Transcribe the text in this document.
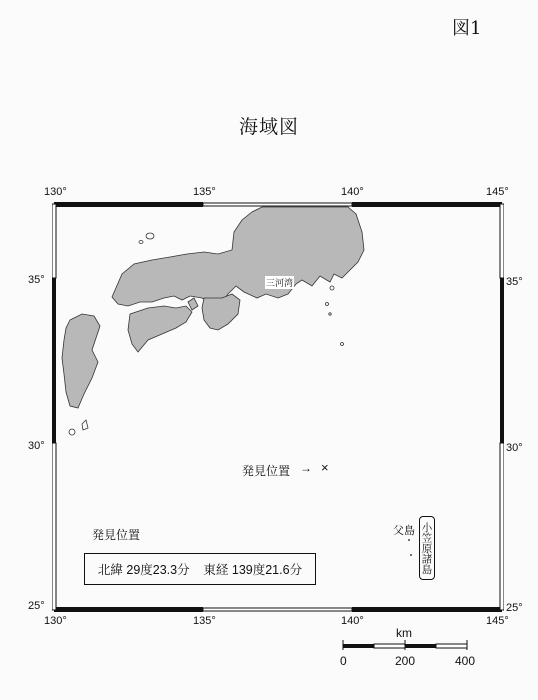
図1
海域図
130°	135°	140°	145°
130°	135°	140°	145°
35°
30°
25°
35°
30°
25°
三河湾
発見位置 → ×
父島 小笠原諸島
発見位置
北緯 29度23.3分 東経 139度21.6分
km
0	200	400
